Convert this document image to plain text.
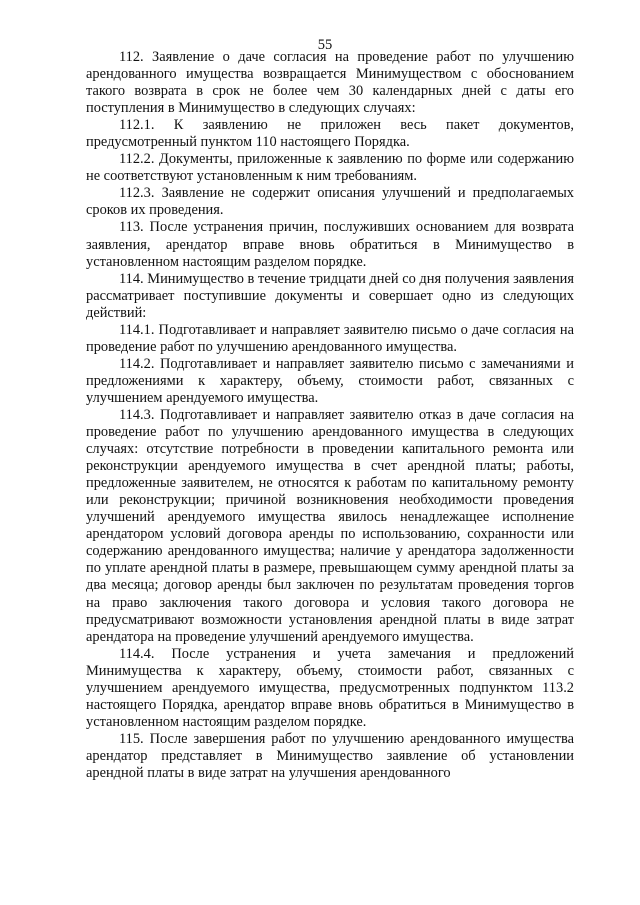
55

112. Заявление о даче согласия на проведение работ по улучшению арендованного имущества возвращается Минимуществом с обоснованием такого возврата в срок не более чем 30 календарных дней с даты его поступления в Минимущество в следующих случаях:

112.1. К заявлению не приложен весь пакет документов, предусмотренный пунктом 110 настоящего Порядка.

112.2. Документы, приложенные к заявлению по форме или содержанию не соответствуют установленным к ним требованиям.

112.3. Заявление не содержит описания улучшений и предполагаемых сроков их проведения.

113. После устранения причин, послуживших основанием для возврата заявления, арендатор вправе вновь обратиться в Минимущество в установленном настоящим разделом порядке.

114. Минимущество в течение тридцати дней со дня получения заявления рассматривает поступившие документы и совершает одно из следующих действий:

114.1. Подготавливает и направляет заявителю письмо о даче согласия на проведение работ по улучшению арендованного имущества.

114.2. Подготавливает и направляет заявителю письмо с замечаниями и предложениями к характеру, объему, стоимости работ, связанных с улучшением арендуемого имущества.

114.3. Подготавливает и направляет заявителю отказ в даче согласия на проведение работ по улучшению арендованного имущества в следующих случаях: отсутствие потребности в проведении капитального ремонта или реконструкции арендуемого имущества в счет арендной платы; работы, предложенные заявителем, не относятся к работам по капитальному ремонту или реконструкции; причиной возникновения необходимости проведения улучшений арендуемого имущества явилось ненадлежащее исполнение арендатором условий договора аренды по использованию, сохранности или содержанию арендованного имущества; наличие у арендатора задолженности по уплате арендной платы в размере, превышающем сумму арендной платы за два месяца; договор аренды был заключен по результатам проведения торгов на право заключения такого договора и условия такого договора не предусматривают возможности установления арендной платы в виде затрат арендатора на проведение улучшений арендуемого имущества.

114.4. После устранения и учета замечания и предложений Минимущества к характеру, объему, стоимости работ, связанных с улучшением арендуемого имущества, предусмотренных подпунктом 113.2 настоящего Порядка, арендатор вправе вновь обратиться в Минимущество в установленном настоящим разделом порядке.

115. После завершения работ по улучшению арендованного имущества арендатор представляет в Минимущество заявление об установлении арендной платы в виде затрат на улучшения арендованного
